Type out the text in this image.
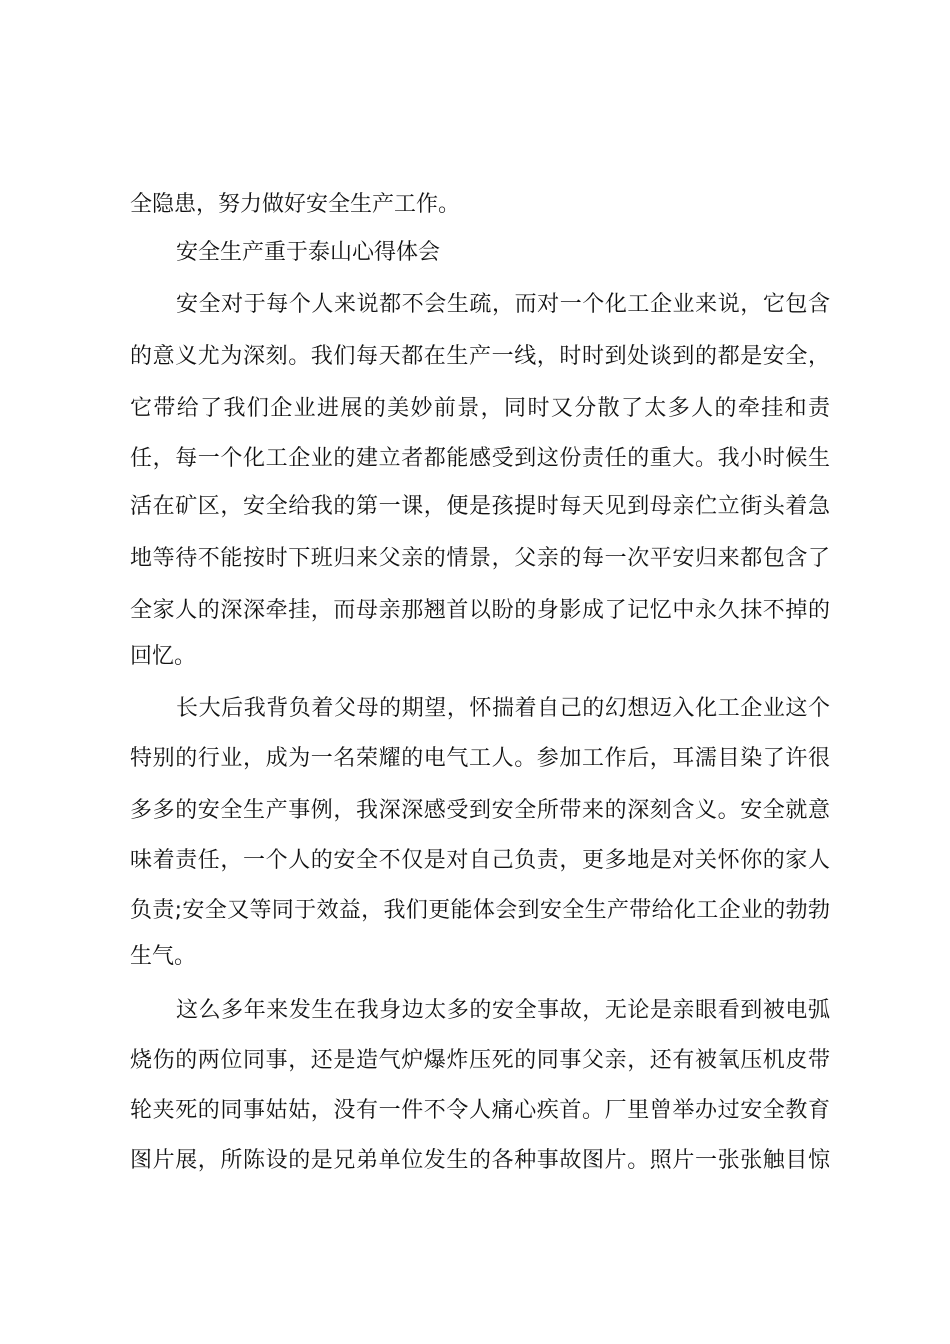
全隐患，努力做好安全生产工作。
安全生产重于泰山心得体会
安全对于每个人来说都不会生疏，而对一个化工企业来说，它包含
的意义尤为深刻。我们每天都在生产一线，时时到处谈到的都是安全，
它带给了我们企业进展的美妙前景，同时又分散了太多人的牵挂和责
任，每一个化工企业的建立者都能感受到这份责任的重大。我小时候生
活在矿区，安全给我的第一课，便是孩提时每天见到母亲伫立街头着急
地等待不能按时下班归来父亲的情景，父亲的每一次平安归来都包含了
全家人的深深牵挂，而母亲那翘首以盼的身影成了记忆中永久抹不掉的
回忆。
长大后我背负着父母的期望，怀揣着自己的幻想迈入化工企业这个
特别的行业，成为一名荣耀的电气工人。参加工作后，耳濡目染了许很
多多的安全生产事例，我深深感受到安全所带来的深刻含义。安全就意
味着责任，一个人的安全不仅是对自己负责，更多地是对关怀你的家人
负责;安全又等同于效益，我们更能体会到安全生产带给化工企业的勃勃
生气。
这么多年来发生在我身边太多的安全事故，无论是亲眼看到被电弧
烧伤的两位同事，还是造气炉爆炸压死的同事父亲，还有被氧压机皮带
轮夹死的同事姑姑，没有一件不令人痛心疾首。厂里曾举办过安全教育
图片展，所陈设的是兄弟单位发生的各种事故图片。照片一张张触目惊
